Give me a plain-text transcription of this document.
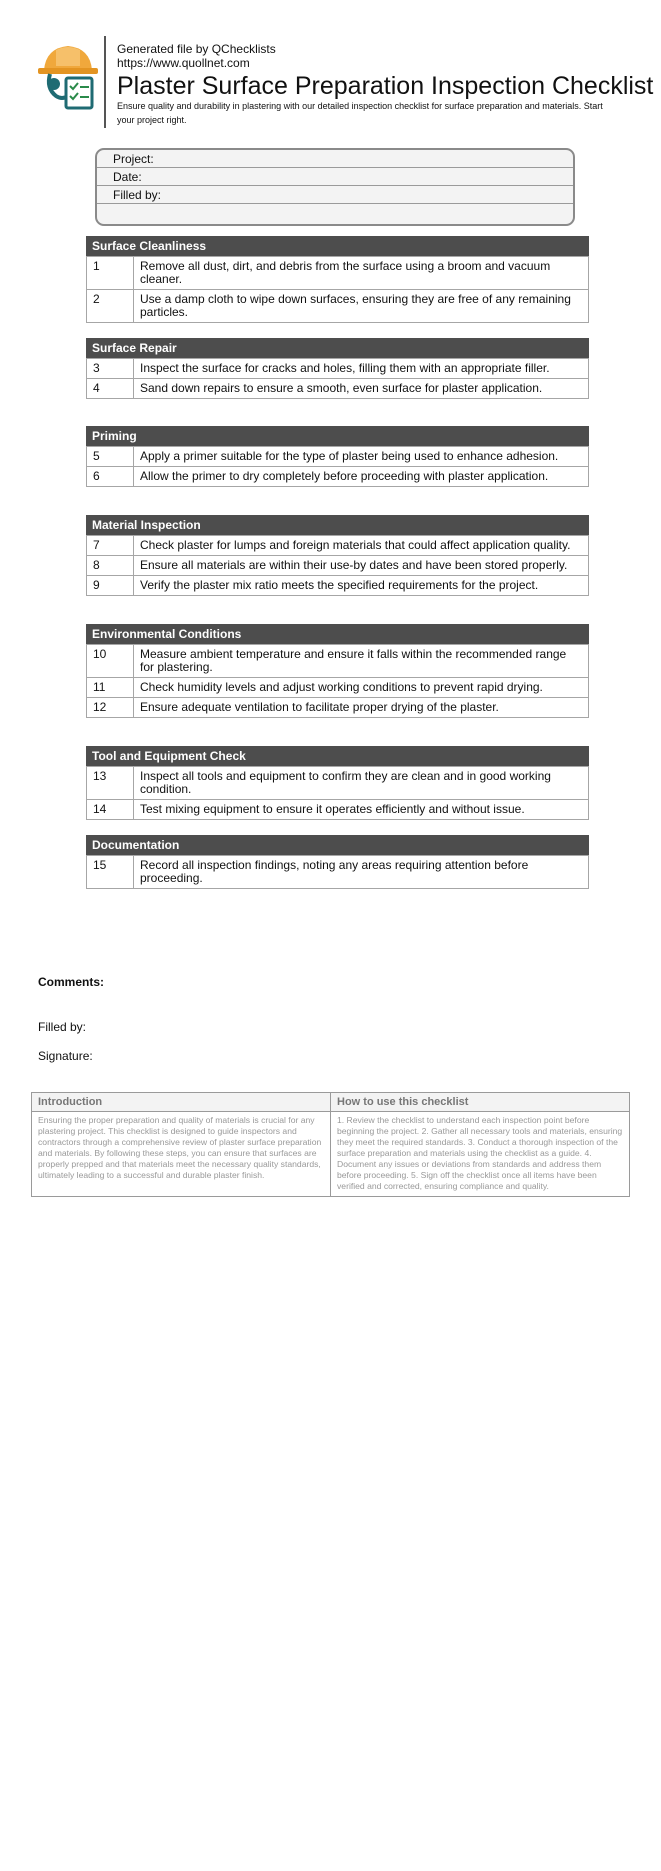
Generated file by QChecklists
https://www.quollnet.com
Plaster Surface Preparation Inspection Checklist
Ensure quality and durability in plastering with our detailed inspection checklist for surface preparation and materials. Start your project right.
Project:
Date:
Filled by:
Surface Cleanliness
1	Remove all dust, dirt, and debris from the surface using a broom and vacuum cleaner.
2	Use a damp cloth to wipe down surfaces, ensuring they are free of any remaining particles.
Surface Repair
3	Inspect the surface for cracks and holes, filling them with an appropriate filler.
4	Sand down repairs to ensure a smooth, even surface for plaster application.
Priming
5	Apply a primer suitable for the type of plaster being used to enhance adhesion.
6	Allow the primer to dry completely before proceeding with plaster application.
Material Inspection
7	Check plaster for lumps and foreign materials that could affect application quality.
8	Ensure all materials are within their use-by dates and have been stored properly.
9	Verify the plaster mix ratio meets the specified requirements for the project.
Environmental Conditions
10	Measure ambient temperature and ensure it falls within the recommended range for plastering.
11	Check humidity levels and adjust working conditions to prevent rapid drying.
12	Ensure adequate ventilation to facilitate proper drying of the plaster.
Tool and Equipment Check
13	Inspect all tools and equipment to confirm they are clean and in good working condition.
14	Test mixing equipment to ensure it operates efficiently and without issue.
Documentation
15	Record all inspection findings, noting any areas requiring attention before proceeding.
Comments:
Filled by:
Signature:
Introduction
Ensuring the proper preparation and quality of materials is crucial for any plastering project. This checklist is designed to guide inspectors and contractors through a comprehensive review of plaster surface preparation and materials. By following these steps, you can ensure that surfaces are properly prepped and that materials meet the necessary quality standards, ultimately leading to a successful and durable plaster finish.
How to use this checklist
1. Review the checklist to understand each inspection point before beginning the project. 2. Gather all necessary tools and materials, ensuring they meet the required standards. 3. Conduct a thorough inspection of the surface preparation and materials using the checklist as a guide. 4. Document any issues or deviations from standards and address them before proceeding. 5. Sign off the checklist once all items have been verified and corrected, ensuring compliance and quality.
